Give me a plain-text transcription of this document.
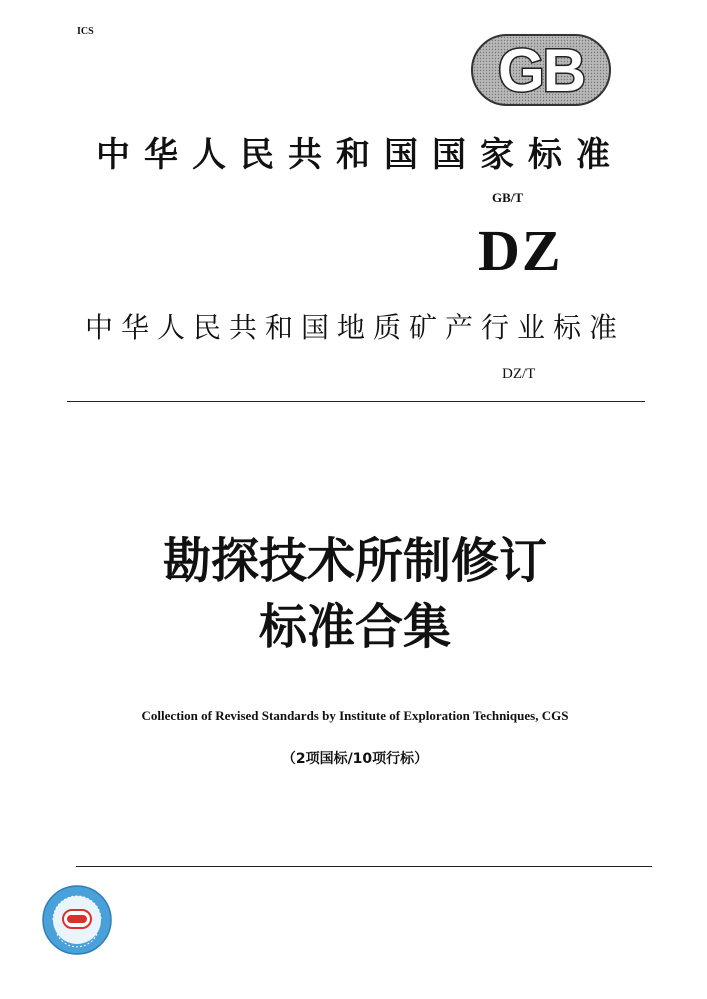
ICS
GB
中华人民共和国国家标准
GB/T
DZ
中华人民共和国地质矿产行业标准
DZ/T
勘探技术所制修订
标准合集
Collection of Revised Standards by Institute of Exploration Techniques, CGS
（2项国标/10项行标）
